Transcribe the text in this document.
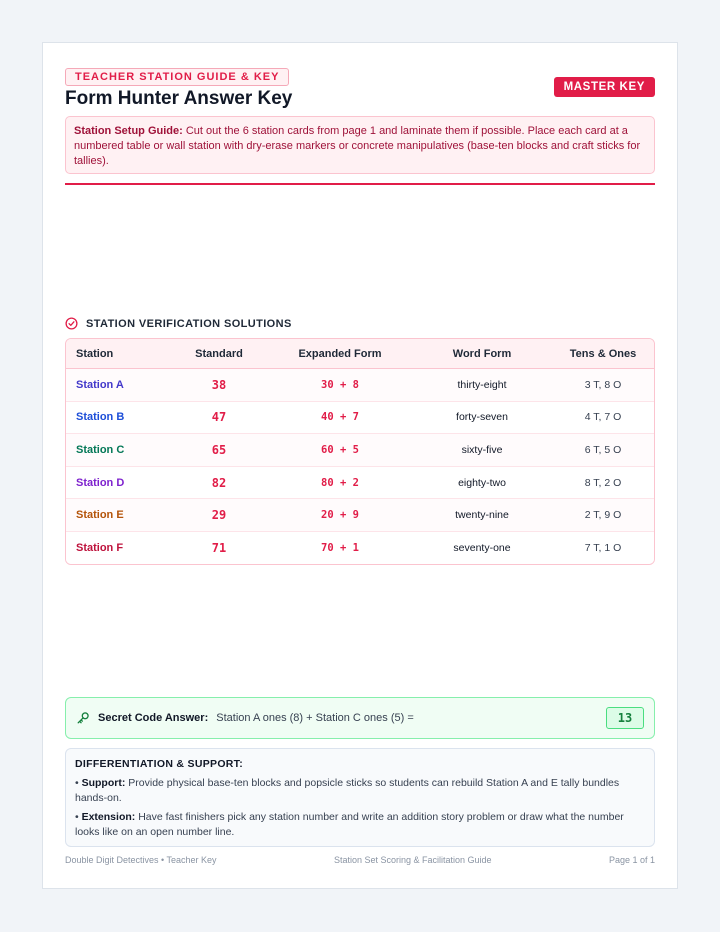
TEACHER STATION GUIDE & KEY
Form Hunter Answer Key
MASTER KEY
Station Setup Guide: Cut out the 6 station cards from page 1 and laminate them if possible. Place each card at a numbered table or wall station with dry-erase markers or concrete manipulatives (base-ten blocks and craft sticks for tallies).
STATION VERIFICATION SOLUTIONS
Station	Standard	Expanded Form	Word Form	Tens & Ones
Station A	38	30 + 8	thirty-eight	3 T, 8 O
Station B	47	40 + 7	forty-seven	4 T, 7 O
Station C	65	60 + 5	sixty-five	6 T, 5 O
Station D	82	80 + 2	eighty-two	8 T, 2 O
Station E	29	20 + 9	twenty-nine	2 T, 9 O
Station F	71	70 + 1	seventy-one	7 T, 1 O
Secret Code Answer: Station A ones (8) + Station C ones (5) =	13
DIFFERENTIATION & SUPPORT:

• Support: Provide physical base-ten blocks and popsicle sticks so students can rebuild Station A and E tally bundles hands-on.

• Extension: Have fast finishers pick any station number and write an addition story problem or draw what the number looks like on an open number line.

Double Digit Detectives • Teacher Key	Station Set Scoring & Facilitation Guide	Page 1 of 1
